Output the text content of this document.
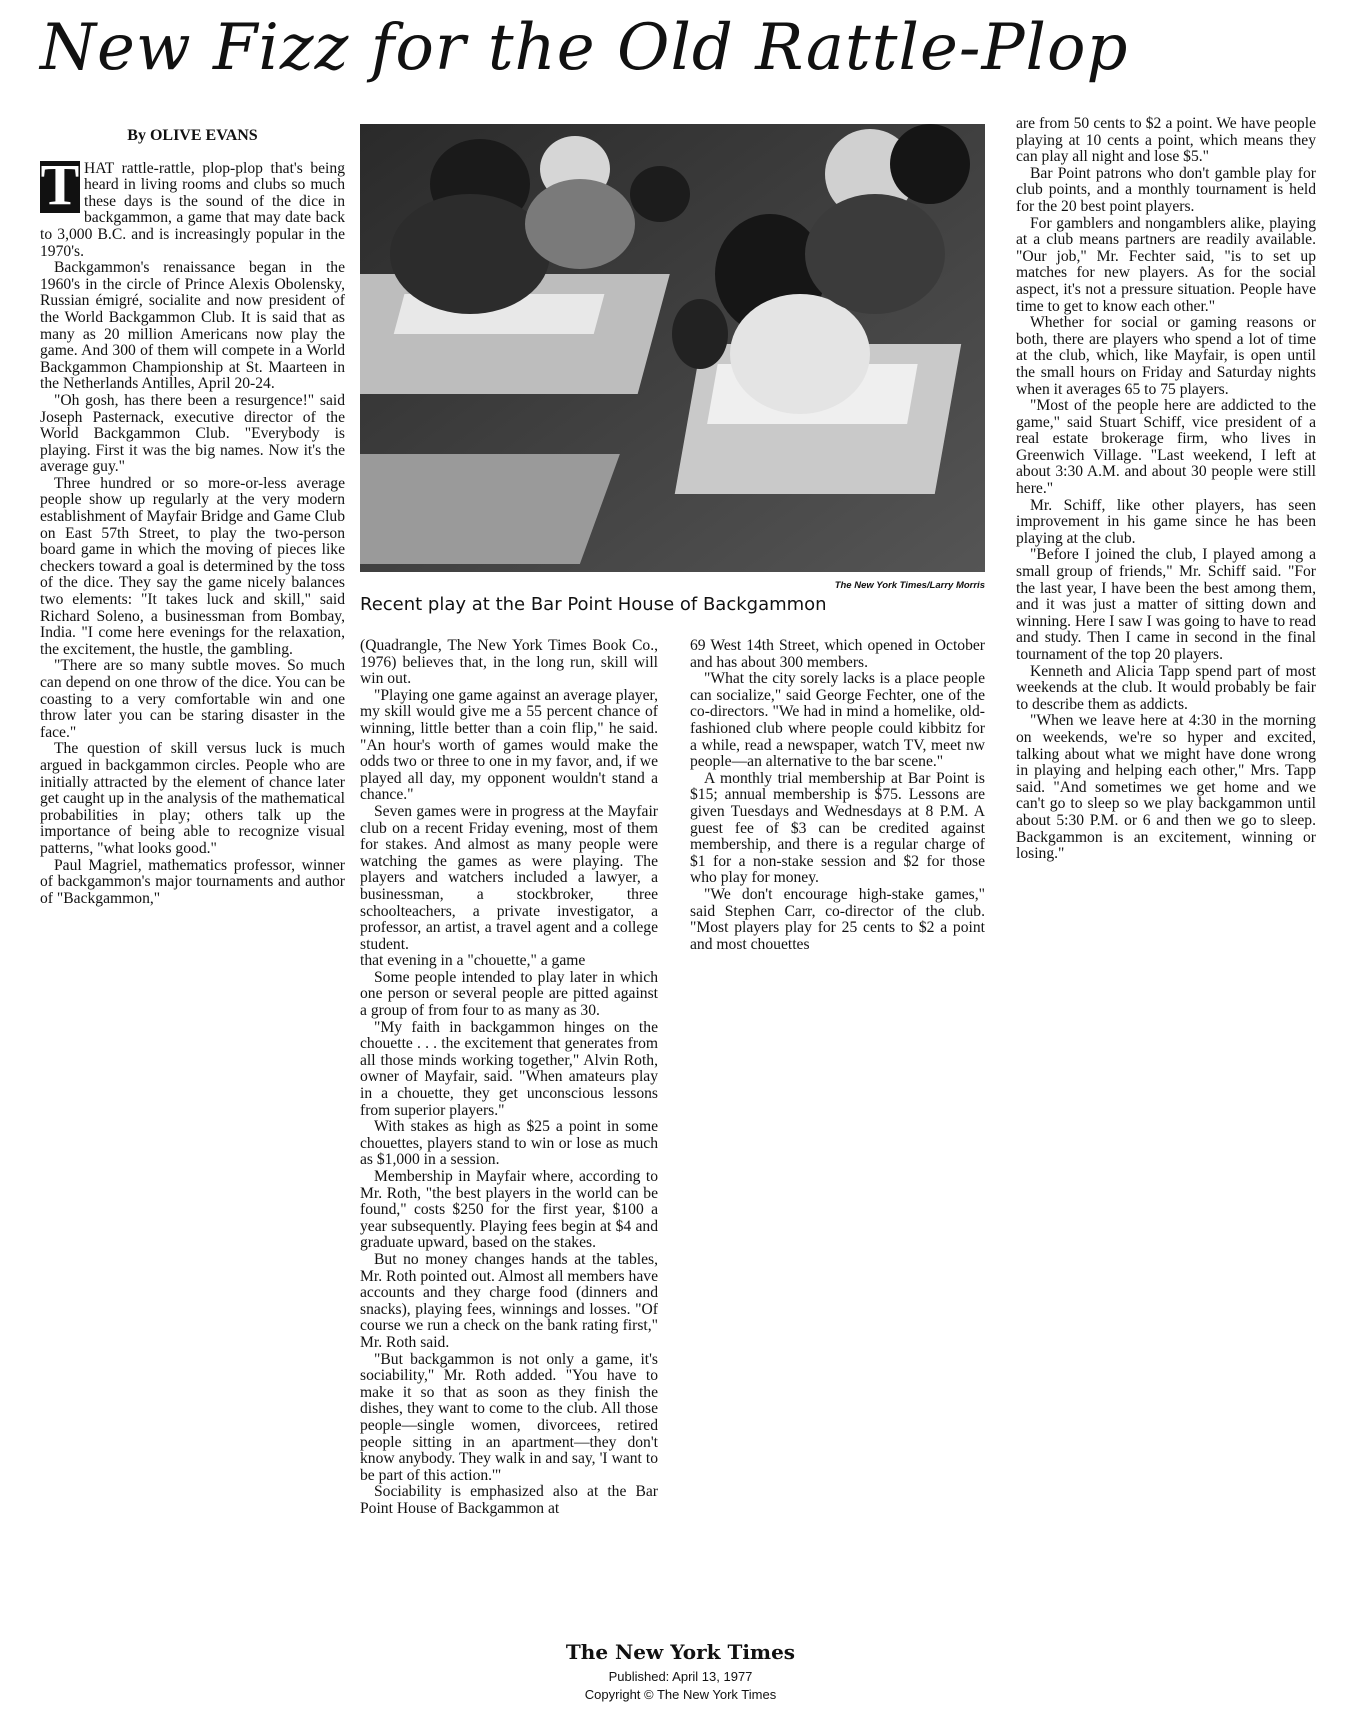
New Fizz for the Old Rattle-Plop
By OLIVE EVANS

T HAT rattle-rattle, plop-plop that's being heard in living rooms and clubs so much these days is the sound of the dice in backgammon, a game that may date back to 3,000 B.C. and is increasingly popular in the 1970's.

Backgammon's renaissance began in the 1960's in the circle of Prince Alexis Obolensky, Russian émigré, socialite and now president of the World Backgammon Club. It is said that as many as 20 million Americans now play the game. And 300 of them will compete in a World Backgammon Championship at St. Maarteen in the Netherlands Antilles, April 20-24.

"Oh gosh, has there been a resurgence!" said Joseph Pasternack, executive director of the World Backgammon Club. "Everybody is playing. First it was the big names. Now it's the average guy."

Three hundred or so more-or-less average people show up regularly at the very modern establishment of Mayfair Bridge and Game Club on East 57th Street, to play the two-person board game in which the moving of pieces like checkers toward a goal is determined by the toss of the dice. They say the game nicely balances two elements: "It takes luck and skill," said Richard Soleno, a businessman from Bombay, India. "I come here evenings for the relaxation, the excitement, the hustle, the gambling.

"There are so many subtle moves. So much can depend on one throw of the dice. You can be coasting to a very comfortable win and one throw later you can be staring disaster in the face."

The question of skill versus luck is much argued in backgammon circles. People who are initially attracted by the element of chance later get caught up in the analysis of the mathematical probabilities in play; others talk up the importance of being able to recognize visual patterns, "what looks good."

Paul Magriel, mathematics professor, winner of backgammon's major tournaments and author of "Backgammon,"

The New York Times/Larry Morris
Recent play at the Bar Point House of Backgammon

(Quadrangle, The New York Times Book Co., 1976) believes that, in the long run, skill will win out.

"Playing one game against an average player, my skill would give me a 55 percent chance of winning, little better than a coin flip," he said. "An hour's worth of games would make the odds two or three to one in my favor, and, if we played all day, my opponent wouldn't stand a chance."

Seven games were in progress at the Mayfair club on a recent Friday evening, most of them for stakes. And almost as many people were watching the games as were playing. The players and watchers included a lawyer, a businessman, a stockbroker, three schoolteachers, a private investigator, a professor, an artist, a travel agent and a college student.

that evening in a "chouette," a game

Some people intended to play later in which one person or several people are pitted against a group of from four to as many as 30.

"My faith in backgammon hinges on the chouette . . . the excitement that generates from all those minds working together," Alvin Roth, owner of Mayfair, said. "When amateurs play in a chouette, they get unconscious lessons from superior players."

With stakes as high as $25 a point in some chouettes, players stand to win or lose as much as $1,000 in a session.

Membership in Mayfair where, according to Mr. Roth, "the best players in the world can be found," costs $250 for the first year, $100 a year subsequently. Playing fees begin at $4 and graduate upward, based on the stakes.

But no money changes hands at the tables, Mr. Roth pointed out. Almost all members have accounts and they charge food (dinners and snacks), playing fees, winnings and losses. "Of course we run a check on the bank rating first," Mr. Roth said.

"But backgammon is not only a game, it's sociability," Mr. Roth added. "You have to make it so that as soon as they finish the dishes, they want to come to the club. All those people—single women, divorcees, retired people sitting in an apartment—they don't know anybody. They walk in and say, 'I want to be part of this action.'"

Sociability is emphasized also at the Bar Point House of Backgammon at

69 West 14th Street, which opened in October and has about 300 members.

"What the city sorely lacks is a place people can socialize," said George Fechter, one of the co-directors. "We had in mind a homelike, old-fashioned club where people could kibbitz for a while, read a newspaper, watch TV, meet nw people—an alternative to the bar scene."

A monthly trial membership at Bar Point is $15; annual membership is $75. Lessons are given Tuesdays and Wednesdays at 8 P.M. A guest fee of $3 can be credited against membership, and there is a regular charge of $1 for a non-stake session and $2 for those who play for money.

"We don't encourage high-stake games," said Stephen Carr, co-director of the club. "Most players play for 25 cents to $2 a point and most chouettes

are from 50 cents to $2 a point. We have people playing at 10 cents a point, which means they can play all night and lose $5."

Bar Point patrons who don't gamble play for club points, and a monthly tournament is held for the 20 best point players.

For gamblers and nongamblers alike, playing at a club means partners are readily available. "Our job," Mr. Fechter said, "is to set up matches for new players. As for the social aspect, it's not a pressure situation. People have time to get to know each other."

Whether for social or gaming reasons or both, there are players who spend a lot of time at the club, which, like Mayfair, is open until the small hours on Friday and Saturday nights when it averages 65 to 75 players.

"Most of the people here are addicted to the game," said Stuart Schiff, vice president of a real estate brokerage firm, who lives in Greenwich Village. "Last weekend, I left at about 3:30 A.M. and about 30 people were still here."

Mr. Schiff, like other players, has seen improvement in his game since he has been playing at the club.

"Before I joined the club, I played among a small group of friends," Mr. Schiff said. "For the last year, I have been the best among them, and it was just a matter of sitting down and winning. Here I saw I was going to have to read and study. Then I came in second in the final tournament of the top 20 players.

Kenneth and Alicia Tapp spend part of most weekends at the club. It would probably be fair to describe them as addicts.

"When we leave here at 4:30 in the morning on weekends, we're so hyper and excited, talking about what we might have done wrong in playing and helping each other," Mrs. Tapp said. "And sometimes we get home and we can't go to sleep so we play backgammon until about 5:30 P.M. or 6 and then we go to sleep. Backgammon is an excitement, winning or losing."

The New York Times
Published: April 13, 1977
Copyright © The New York Times
